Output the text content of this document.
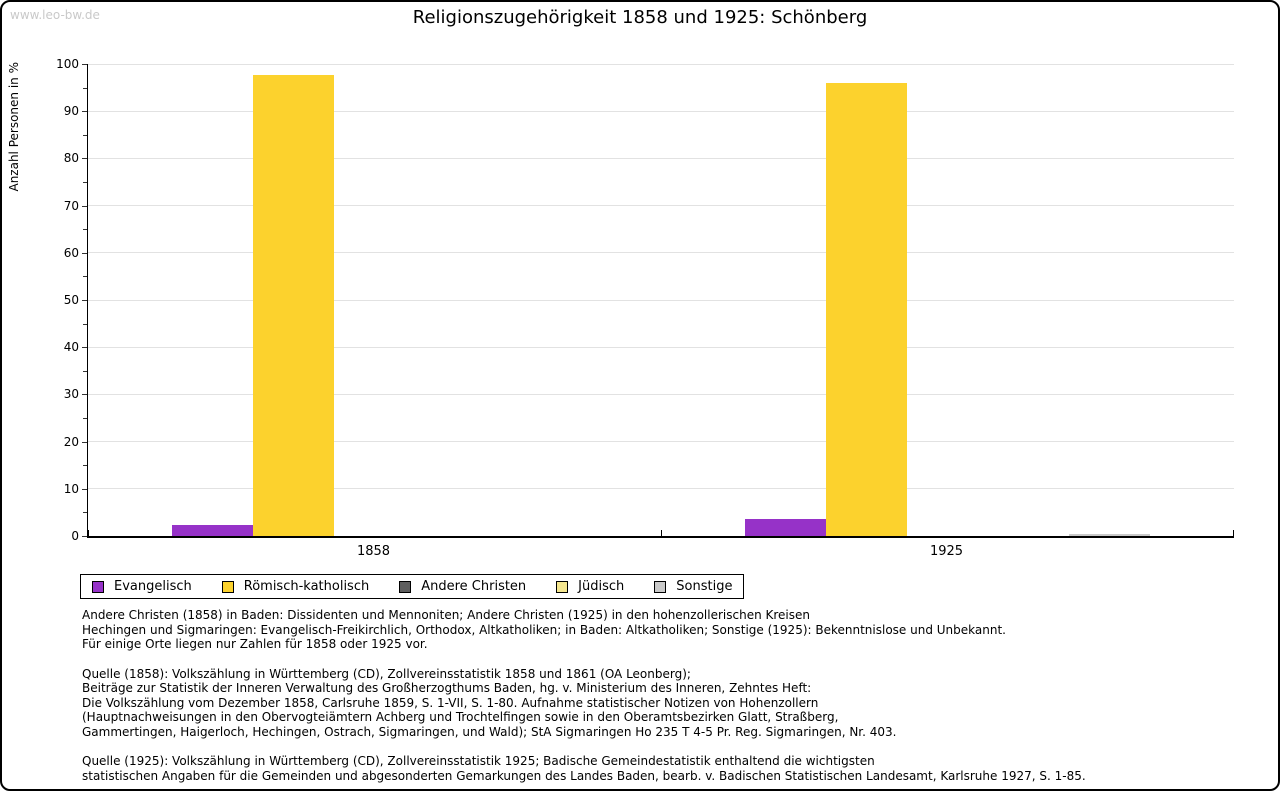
www.leo-bw.de	Religionszugehörigkeit 1858 und 1925: Schönberg
Anzahl Personen in %
0
10
20
30
40
50
60
70
80
90
100
1858	1925
Evangelisch	Römisch-katholisch	Andere Christen	Jüdisch	Sonstige
Andere Christen (1858) in Baden: Dissidenten und Mennoniten; Andere Christen (1925) in den hohenzollerischen Kreisen
Hechingen und Sigmaringen: Evangelisch-Freikirchlich, Orthodox, Altkatholiken; in Baden: Altkatholiken; Sonstige (1925): Bekenntnislose und Unbekannt.
Für einige Orte liegen nur Zahlen für 1858 oder 1925 vor.
Quelle (1858): Volkszählung in Württemberg (CD), Zollvereinsstatistik 1858 und 1861 (OA Leonberg);
Beiträge zur Statistik der Inneren Verwaltung des Großherzogthums Baden, hg. v. Ministerium des Inneren, Zehntes Heft:
Die Volkszählung vom Dezember 1858, Carlsruhe 1859, S. 1-VII, S. 1-80. Aufnahme statistischer Notizen von Hohenzollern
(Hauptnachweisungen in den Obervogteiämtern Achberg und Trochtelfingen sowie in den Oberamtsbezirken Glatt, Straßberg,
Gammertingen, Haigerloch, Hechingen, Ostrach, Sigmaringen, und Wald); StA Sigmaringen Ho 235 T 4-5 Pr. Reg. Sigmaringen, Nr. 403.
Quelle (1925): Volkszählung in Württemberg (CD), Zollvereinsstatistik 1925; Badische Gemeindestatistik enthaltend die wichtigsten
statistischen Angaben für die Gemeinden und abgesonderten Gemarkungen des Landes Baden, bearb. v. Badischen Statistischen Landesamt, Karlsruhe 1927, S. 1-85.
